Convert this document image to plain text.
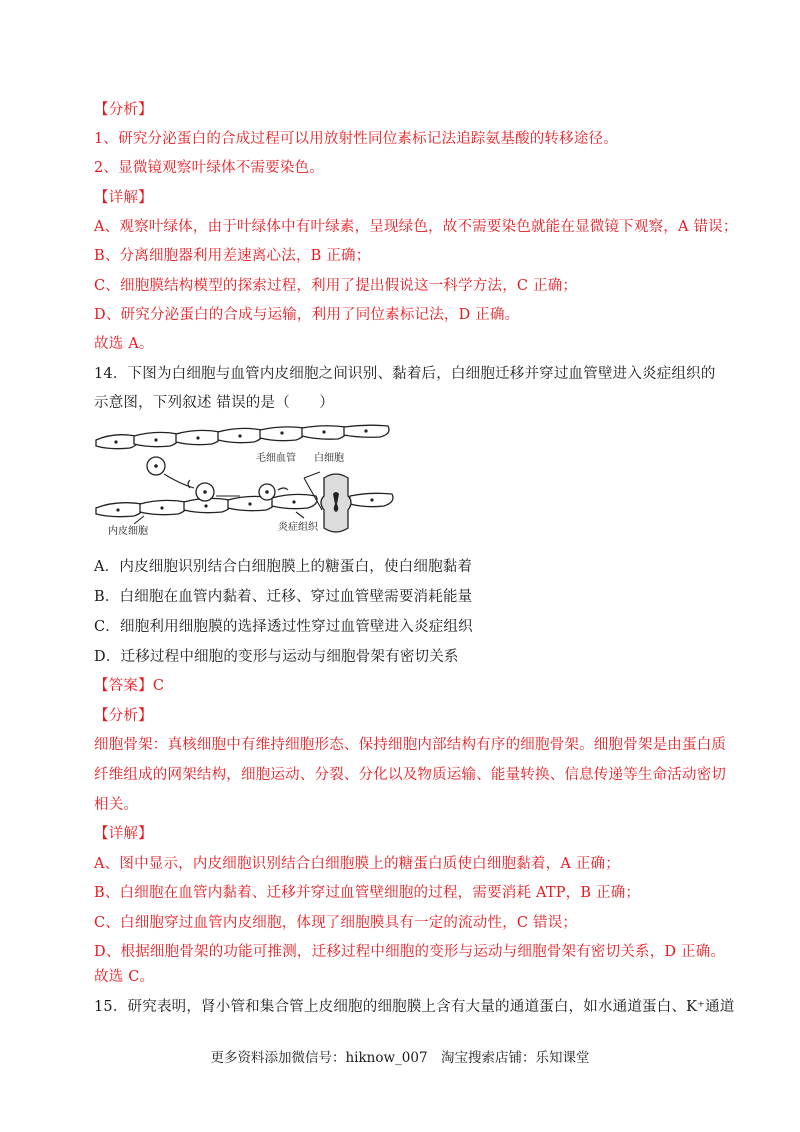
【分析】
1、研究分泌蛋白的合成过程可以用放射性同位素标记法追踪氨基酸的转移途径。
2、显微镜观察叶绿体不需要染色。
【详解】
A、观察叶绿体，由于叶绿体中有叶绿素，呈现绿色，故不需要染色就能在显微镜下观察，A 错误；
B、分离细胞器利用差速离心法，B 正确；
C、细胞膜结构模型的探索过程，利用了提出假说这一科学方法，C 正确；
D、研究分泌蛋白的合成与运输，利用了同位素标记法，D 正确。
故选 A。
14．下图为白细胞与血管内皮细胞之间识别、黏着后，白细胞迁移并穿过血管壁进入炎症组织的
示意图，下列叙述 错误的是（　　）
毛细血管 白细胞
内皮细胞	炎症组织
A．内皮细胞识别结合白细胞膜上的糖蛋白，使白细胞黏着
B．白细胞在血管内黏着、迁移、穿过血管壁需要消耗能量
C．细胞利用细胞膜的选择透过性穿过血管壁进入炎症组织
D．迁移过程中细胞的变形与运动与细胞骨架有密切关系
【答案】C
【分析】
细胞骨架：真核细胞中有维持细胞形态、保持细胞内部结构有序的细胞骨架。细胞骨架是由蛋白质
纤维组成的网架结构，细胞运动、分裂、分化以及物质运输、能量转换、信息传递等生命活动密切
相关。
【详解】
A、图中显示，内皮细胞识别结合白细胞膜上的糖蛋白质使白细胞黏着，A 正确；
B、白细胞在血管内黏着、迁移并穿过血管壁细胞的过程，需要消耗 ATP，B 正确；
C、白细胞穿过血管内皮细胞，体现了细胞膜具有一定的流动性，C 错误；
D、根据细胞骨架的功能可推测，迁移过程中细胞的变形与运动与细胞骨架有密切关系，D 正确。
故选 C。
15．研究表明，肾小管和集合管上皮细胞的细胞膜上含有大量的通道蛋白，如水通道蛋白、K⁺通道
更多资料添加微信号：hiknow_007　淘宝搜索店铺：乐知课堂
